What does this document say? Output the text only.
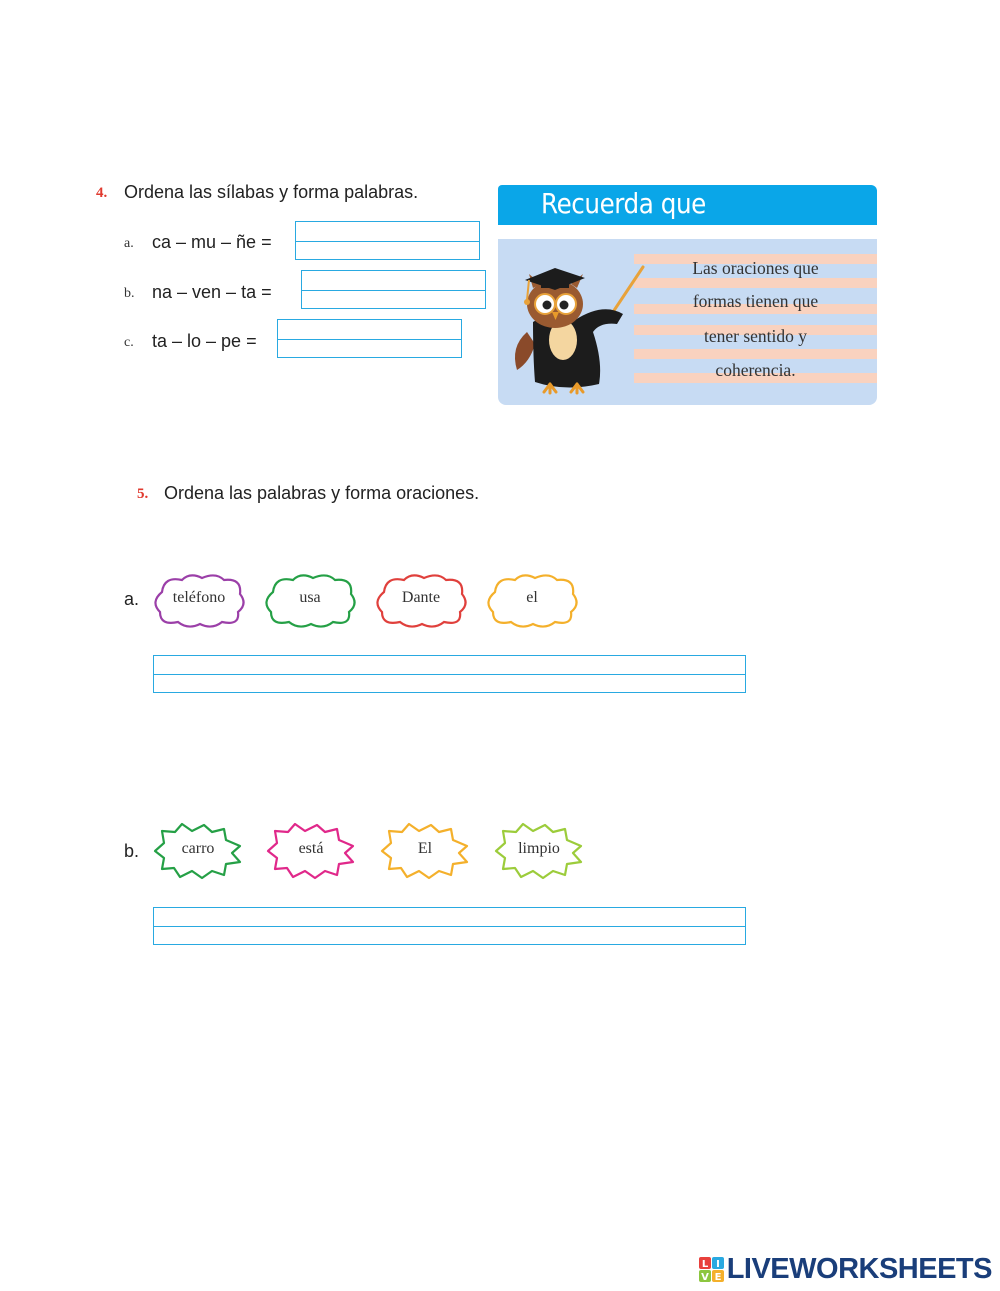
4. Ordena las sílabas y forma palabras.
a. ca – mu – ñe =
b. na – ven – ta =
c. ta – lo – pe =
Recuerda que
Las oraciones que
formas tienen que
tener sentido y
coherencia.
5. Ordena las palabras y forma oraciones.
a.	teléfono	usa	Dante	el
b.	carro	está	El	limpio
L I
V E LIVEWORKSHEETS
